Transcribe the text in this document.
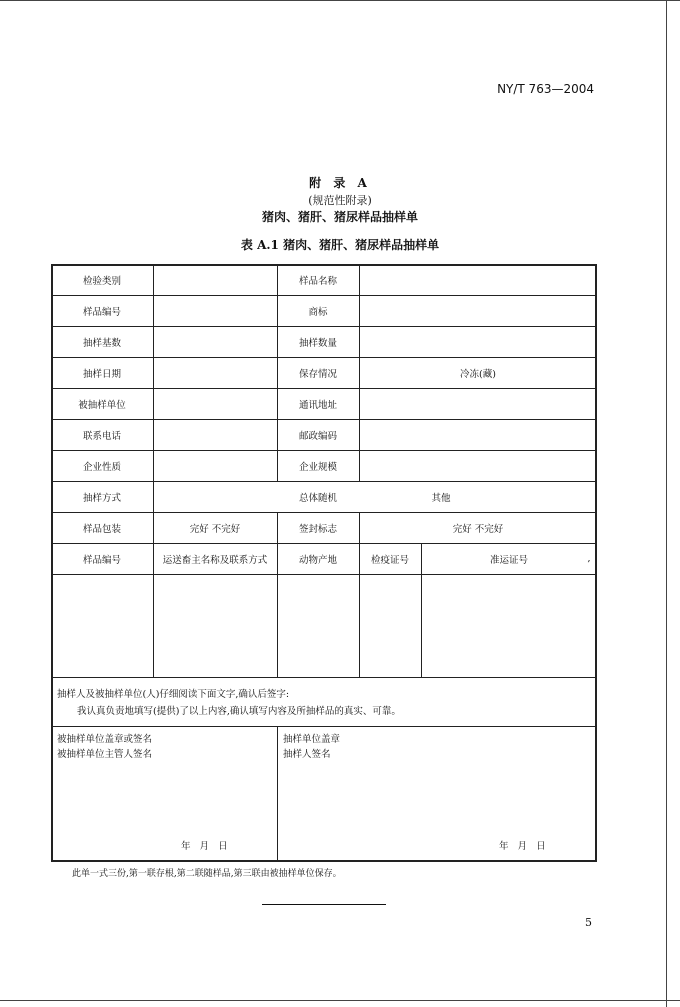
NY/T 763—2004
附 录 A
(规范性附录)
猪肉、猪肝、猪尿样品抽样单
表 A.1 猪肉、猪肝、猪尿样品抽样单
检验类别	样品名称
样品编号	商标
抽样基数	抽样数量
抽样日期	保存情况	冷冻(藏)
被抽样单位	通讯地址
联系电话	邮政编码
企业性质	企业规模
抽样方式	总体随机	其他
样品包装	完好 不完好	签封标志	完好 不完好
样品编号	运送畜主名称及联系方式	动物产地	检疫证号	准运证号	,
抽样人及被抽样单位(人)仔细阅读下面文字,确认后签字:
我认真负责地填写(提供)了以上内容,确认填写内容及所抽样品的真实、可靠。
被抽样单位盖章或签名
被抽样单位主管人签名
抽样单位盖章
抽样人签名
年   月   日	年   月   日
此单一式三份,第一联存根,第二联随样品,第三联由被抽样单位保存。
5
